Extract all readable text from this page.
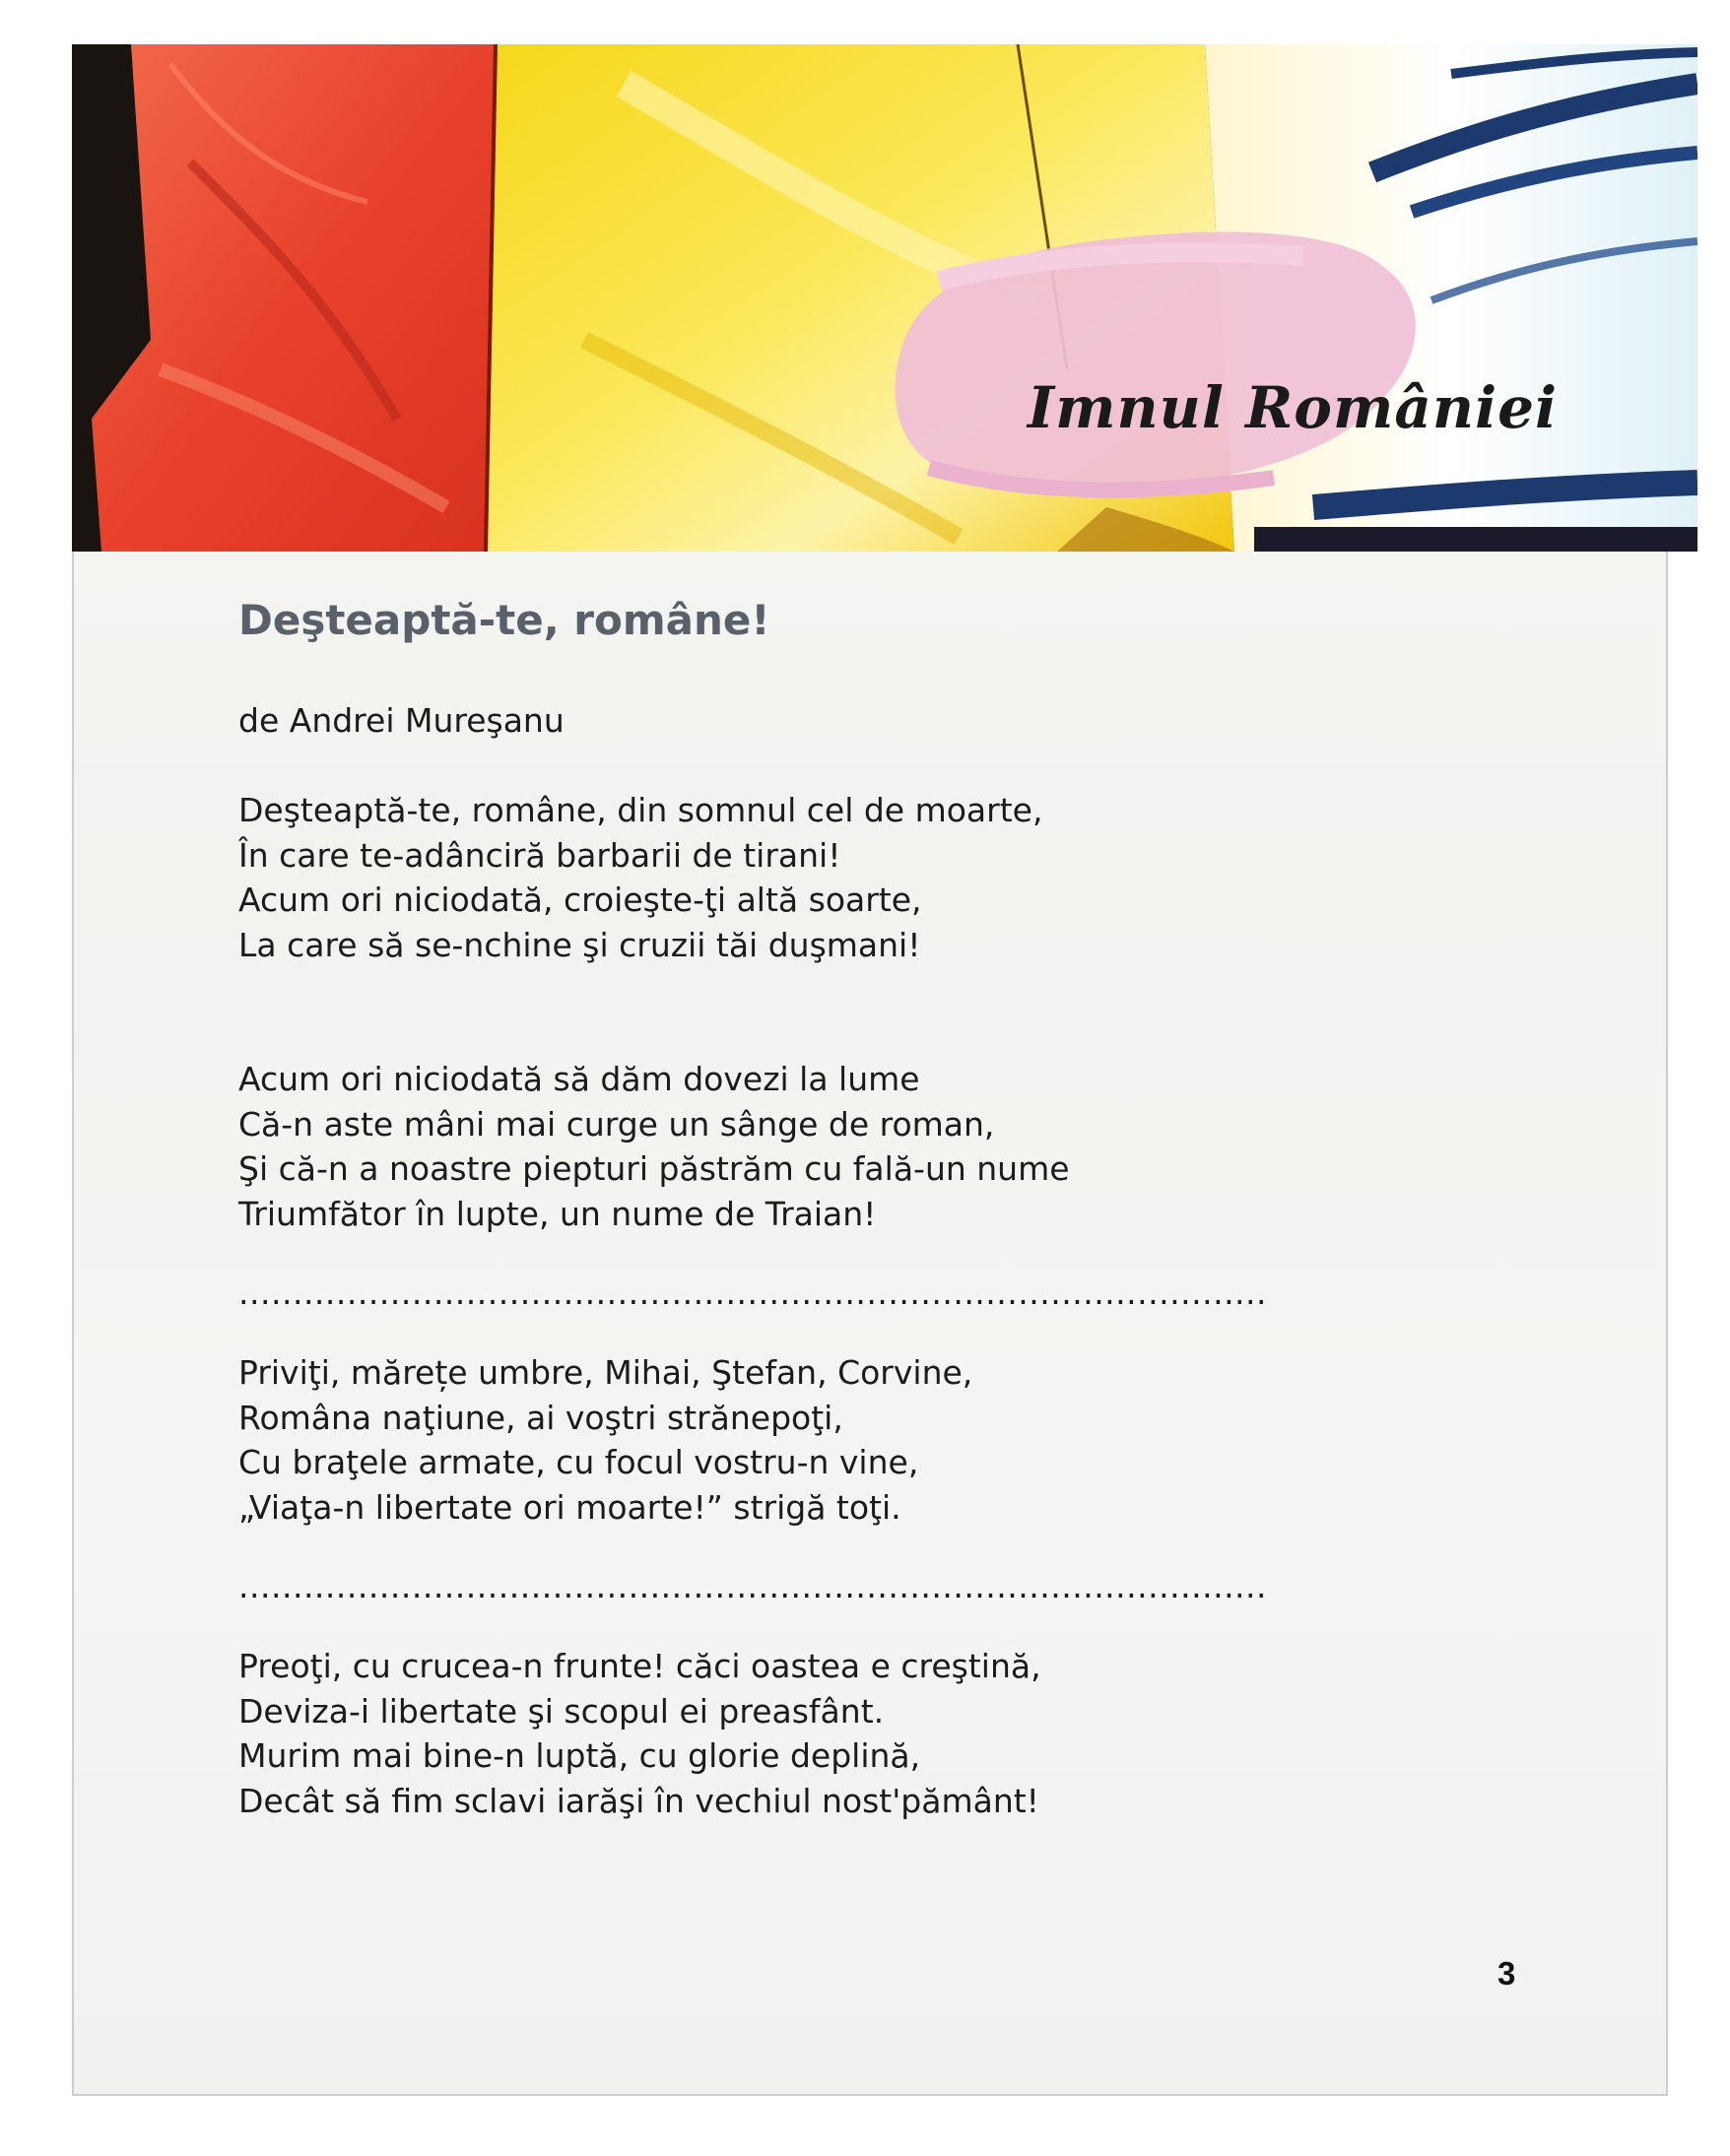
Imnul României
Deşteaptă-te, române!
de Andrei Mureşanu
Deşteaptă-te, române, din somnul cel de moarte,
În care te-adânciră barbarii de tirani!
Acum ori niciodată, croieşte-ţi altă soarte,
La care să se-nchine şi cruzii tăi duşmani!
Acum ori niciodată să dăm dovezi la lume
Că-n aste mâni mai curge un sânge de roman,
Şi că-n a noastre piepturi păstrăm cu fală-un nume
Triumfător în lupte, un nume de Traian!
...............................................................................................
Priviţi, mărețe umbre, Mihai, Ştefan, Corvine,
Româna naţiune, ai voştri strănepoţi,
Cu braţele armate, cu focul vostru-n vine,
„Viaţa-n libertate ori moarte!” strigă toţi.
...............................................................................................
Preoţi, cu crucea-n frunte! căci oastea e creştină,
Deviza-i libertate şi scopul ei preasfânt.
Murim mai bine-n luptă, cu glorie deplină,
Decât să fim sclavi iarăşi în vechiul nost'pământ!
3
